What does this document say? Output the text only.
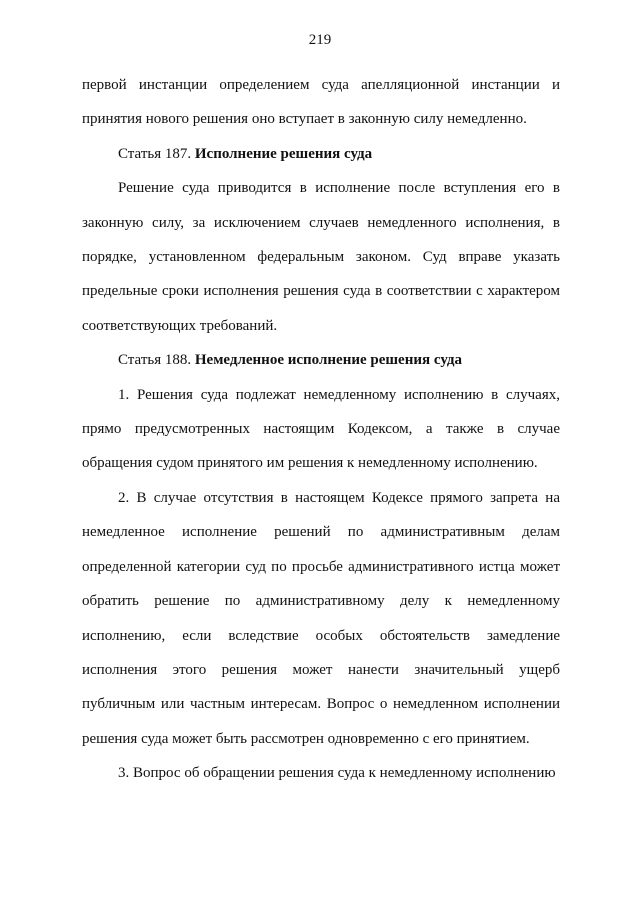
219

первой инстанции определением суда апелляционной инстанции и принятия нового решения оно вступает в законную силу немедленно.

Статья 187. Исполнение решения суда

Решение суда приводится в исполнение после вступления его в законную силу, за исключением случаев немедленного исполнения, в порядке, установленном федеральным законом. Суд вправе указать предельные сроки исполнения решения суда в соответствии с характером соответствующих требований.

Статья 188. Немедленное исполнение решения суда

1. Решения суда подлежат немедленному исполнению в случаях, прямо предусмотренных настоящим Кодексом, а также в случае обращения судом принятого им решения к немедленному исполнению.

2. В случае отсутствия в настоящем Кодексе прямого запрета на немедленное исполнение решений по административным делам определенной категории суд по просьбе административного истца может обратить решение по административному делу к немедленному исполнению, если вследствие особых обстоятельств замедление исполнения этого решения может нанести значительный ущерб публичным или частным интересам. Вопрос о немедленном исполнении решения суда может быть рассмотрен одновременно с его принятием.

3. Вопрос об обращении решения суда к немедленному исполнению
